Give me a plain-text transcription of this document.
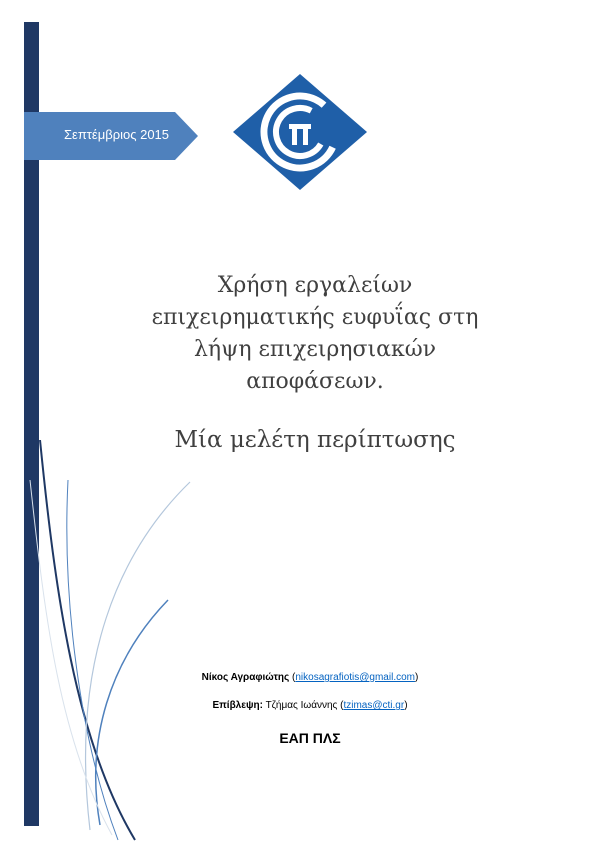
Σεπτέμβριος 2015
Χρήση εργαλείων
επιχειρηματικής ευφυΐας στη
λήψη επιχειρησιακών
αποφάσεων.
Μία μελέτη περίπτωσης
Νίκος Αγραφιώτης (nikosagrafiotis@gmail.com)
Επίβλεψη: Τζήμας Ιωάννης (tzimas@cti.gr)
ΕΑΠ ΠΛΣ
